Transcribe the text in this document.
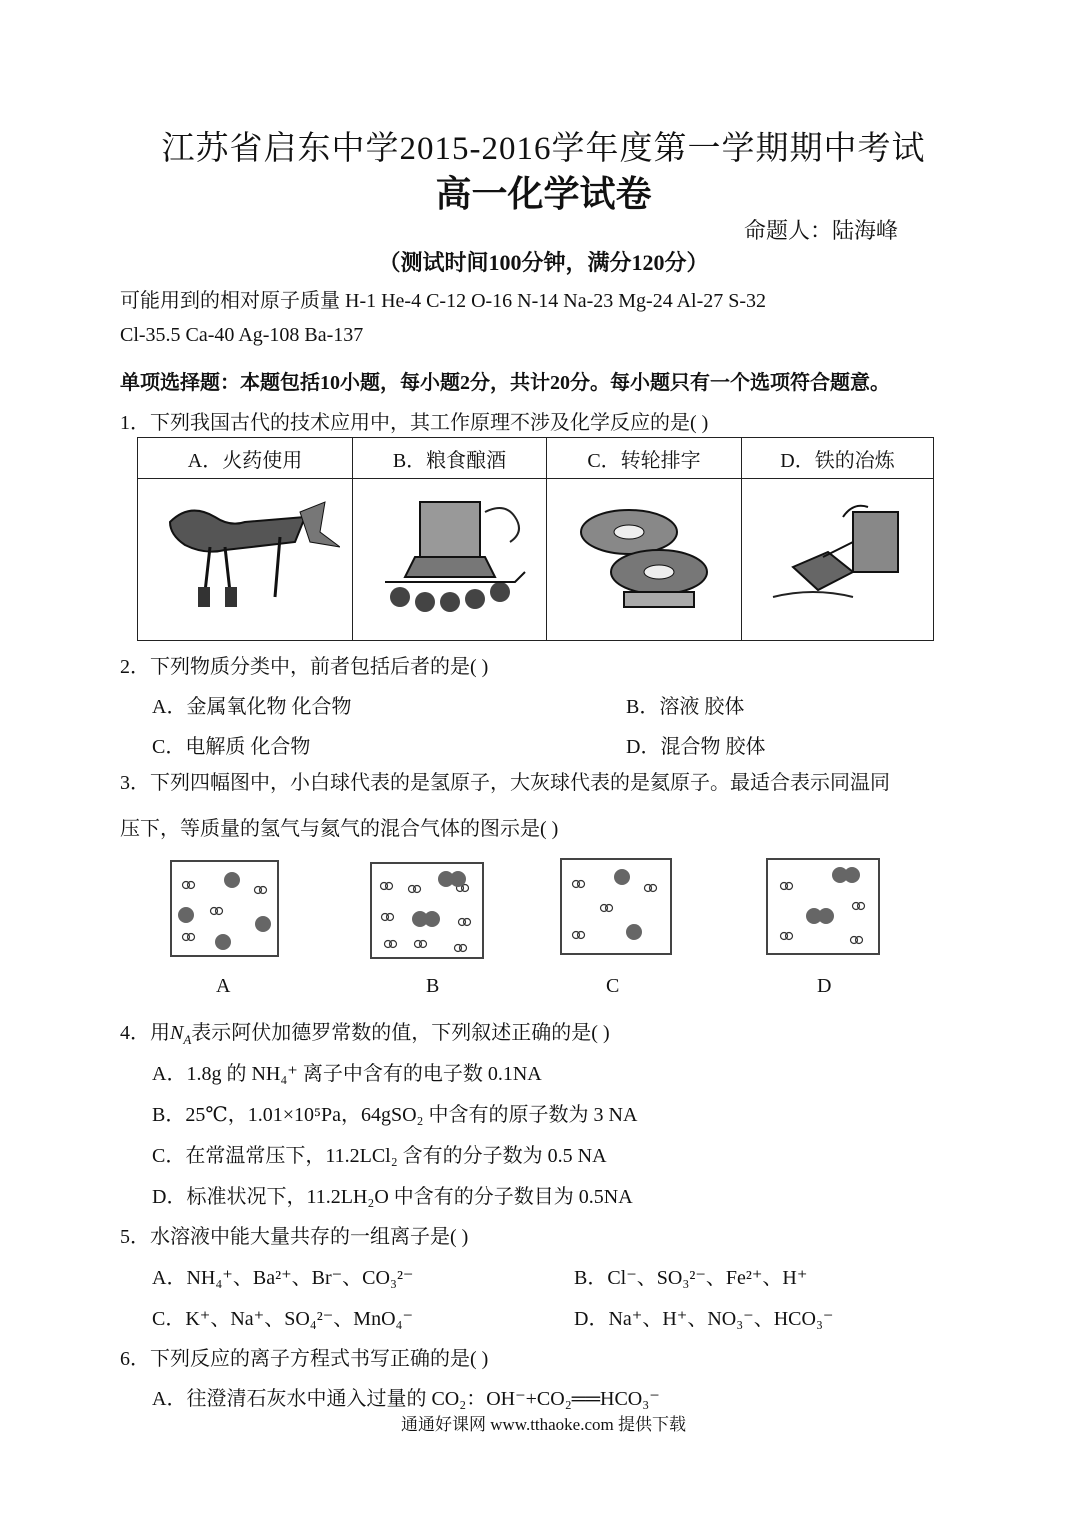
江苏省启东中学2015-2016学年度第一学期期中考试
高一化学试卷
命题人：陆海峰
（测试时间100分钟，满分120分）
可能用到的相对原子质量 H-1 He-4 C-12 O-16 N-14 Na-23 Mg-24 Al-27 S-32
Cl-35.5 Ca-40 Ag-108 Ba-137
单项选择题：本题包括10小题，每小题2分，共计20分。每小题只有一个选项符合题意。
1．下列我国古代的技术应用中，其工作原理不涉及化学反应的是( )
A．火药使用	B．粮食酿酒	C．转轮排字	D．铁的冶炼

2．下列物质分类中，前者包括后者的是( )
A．金属氧化物 化合物	B．溶液 胶体
C．电解质 化合物	D．混合物 胶体
3．下列四幅图中，小白球代表的是氢原子，大灰球代表的是氦原子。最适合表示同温同
压下，等质量的氢气与氦气的混合气体的图示是( )
A	B	C	D
4．用$N_A$表示阿伏加德罗常数的值，下列叙述正确的是( )
A．1.8g 的 NH₄⁺ 离子中含有的电子数 0.1NA
B．25℃，1.01×10⁵Pa，64gSO₂ 中含有的原子数为 3 NA
C．在常温常压下，11.2LCl₂ 含有的分子数为 0.5 NA
D．标准状况下，11.2LH₂O 中含有的分子数目为 0.5NA
5．水溶液中能大量共存的一组离子是( )
A．NH₄⁺、Ba²⁺、Br⁻、CO₃²⁻	B．Cl⁻、SO₃²⁻、Fe²⁺、H⁺
C．K⁺、Na⁺、SO₄²⁻、MnO₄⁻	D．Na⁺、H⁺、NO₃⁻、HCO₃⁻
6．下列反应的离子方程式书写正确的是( )
A．往澄清石灰水中通入过量的 CO₂：OH⁻+CO₂══HCO₃⁻
通通好课网 www.tthaoke.com 提供下载
